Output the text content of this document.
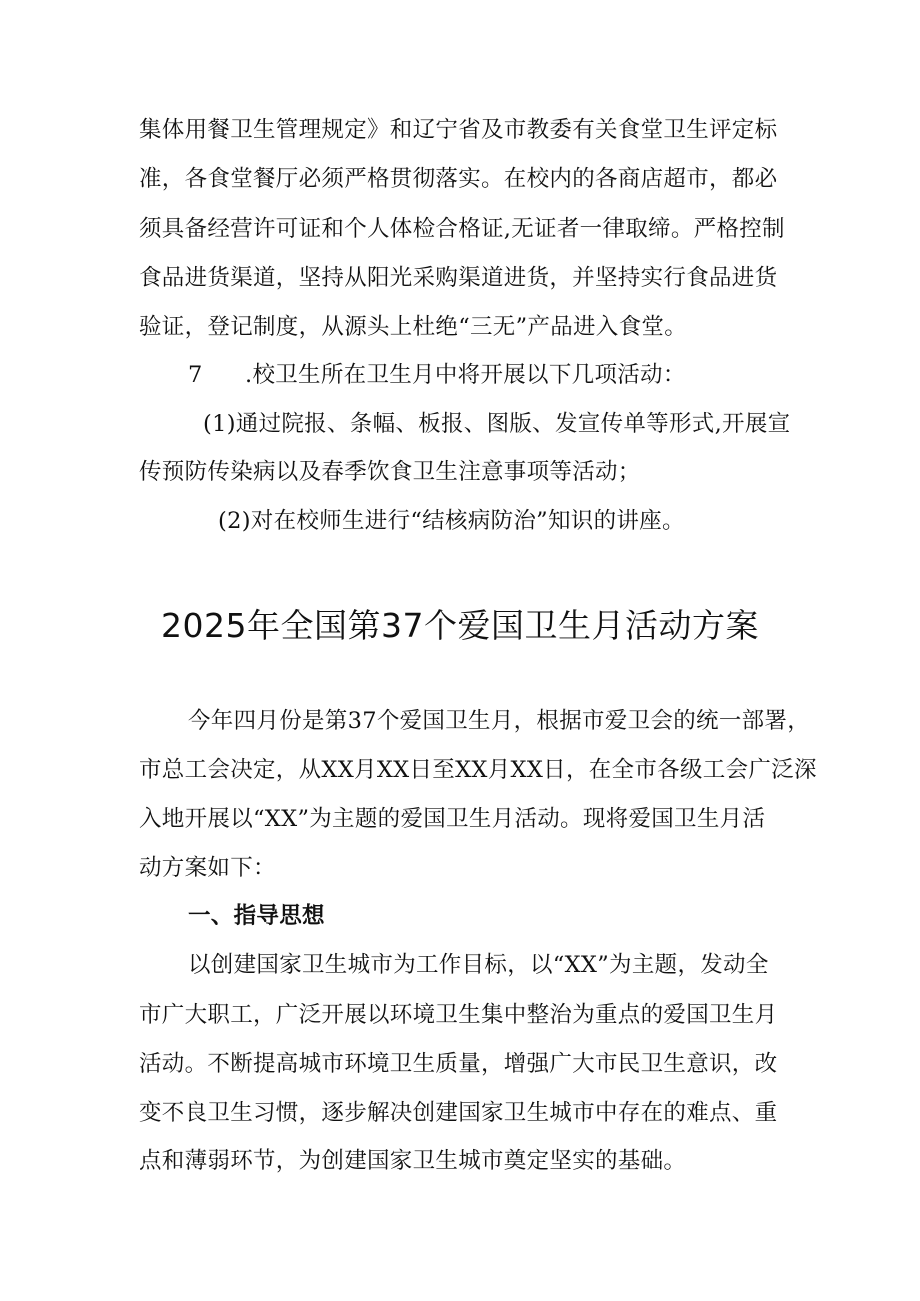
集体用餐卫生管理规定》和辽宁省及市教委有关食堂卫生评定标
准，各食堂餐厅必须严格贯彻落实。在校内的各商店超市，都必
须具备经营许可证和个人体检合格证,无证者一律取缔。严格控制
食品进货渠道，坚持从阳光采购渠道进货，并坚持实行食品进货
验证，登记制度，从源头上杜绝“三无”产品进入食堂。
7 .校卫生所在卫生月中将开展以下几项活动：
(1)通过院报、条幅、板报、图版、发宣传单等形式,开展宣
传预防传染病以及春季饮食卫生注意事项等活动；
(2)对在校师生进行“结核病防治”知识的讲座。
2025年全国第37个爱国卫生月活动方案
今年四月份是第37个爱国卫生月，根据市爱卫会的统一部署，
市总工会决定，从XX月XX日至XX月XX日，在全市各级工会广泛深
入地开展以“XX”为主题的爱国卫生月活动。现将爱国卫生月活
动方案如下：
一、指导思想
以创建国家卫生城市为工作目标，以“XX”为主题，发动全
市广大职工，广泛开展以环境卫生集中整治为重点的爱国卫生月
活动。不断提高城市环境卫生质量，增强广大市民卫生意识，改
变不良卫生习惯，逐步解决创建国家卫生城市中存在的难点、重
点和薄弱环节，为创建国家卫生城市奠定坚实的基础。
